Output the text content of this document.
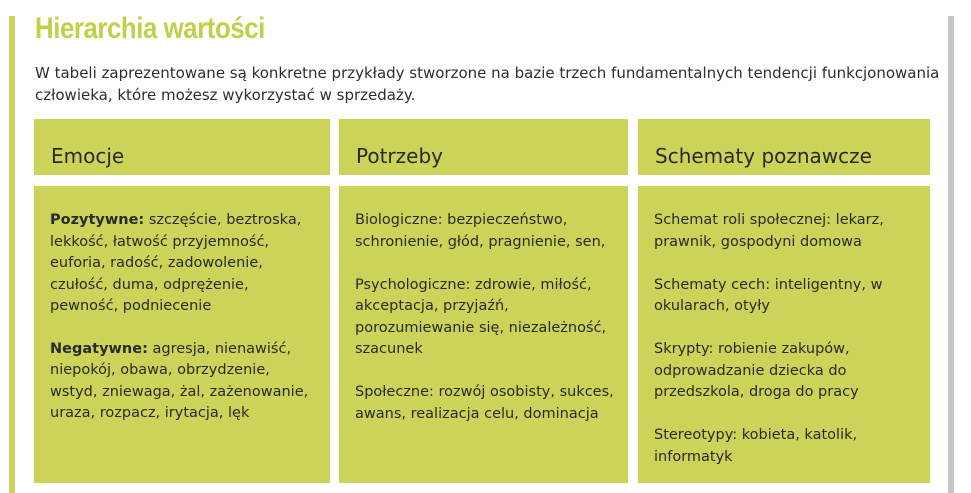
Hierarchia wartości
W tabeli zaprezentowane są konkretne przykłady stworzone na bazie trzech fundamentalnych tendencji funkcjonowania człowieka, które możesz wykorzystać w sprzedaży.
Emocje	Potrzeby	Schematy poznawcze

Pozytywne: szczęście, beztroska, lekkość, łatwość przyjemność, euforia, radość, zadowolenie, czułość, duma, odprężenie, pewność, podniecenie

Negatywne: agresja, nienawiść, niepokój, obawa, obrzydzenie, wstyd, zniewaga, żal, zażenowanie, uraza, rozpacz, irytacja, lęk

Biologiczne: bezpieczeństwo, schronienie, głód, pragnienie, sen,

Psychologiczne: zdrowie, miłość, akceptacja, przyjaźń, porozumiewanie się, niezależność, szacunek

Społeczne: rozwój osobisty, sukces, awans, realizacja celu, dominacja

Schemat roli społecznej: lekarz, prawnik, gospodyni domowa

Schematy cech: inteligentny, w okularach, otyły

Skrypty: robienie zakupów, odprowadzanie dziecka do przedszkola, droga do pracy

Stereotypy: kobieta, katolik, informatyk
